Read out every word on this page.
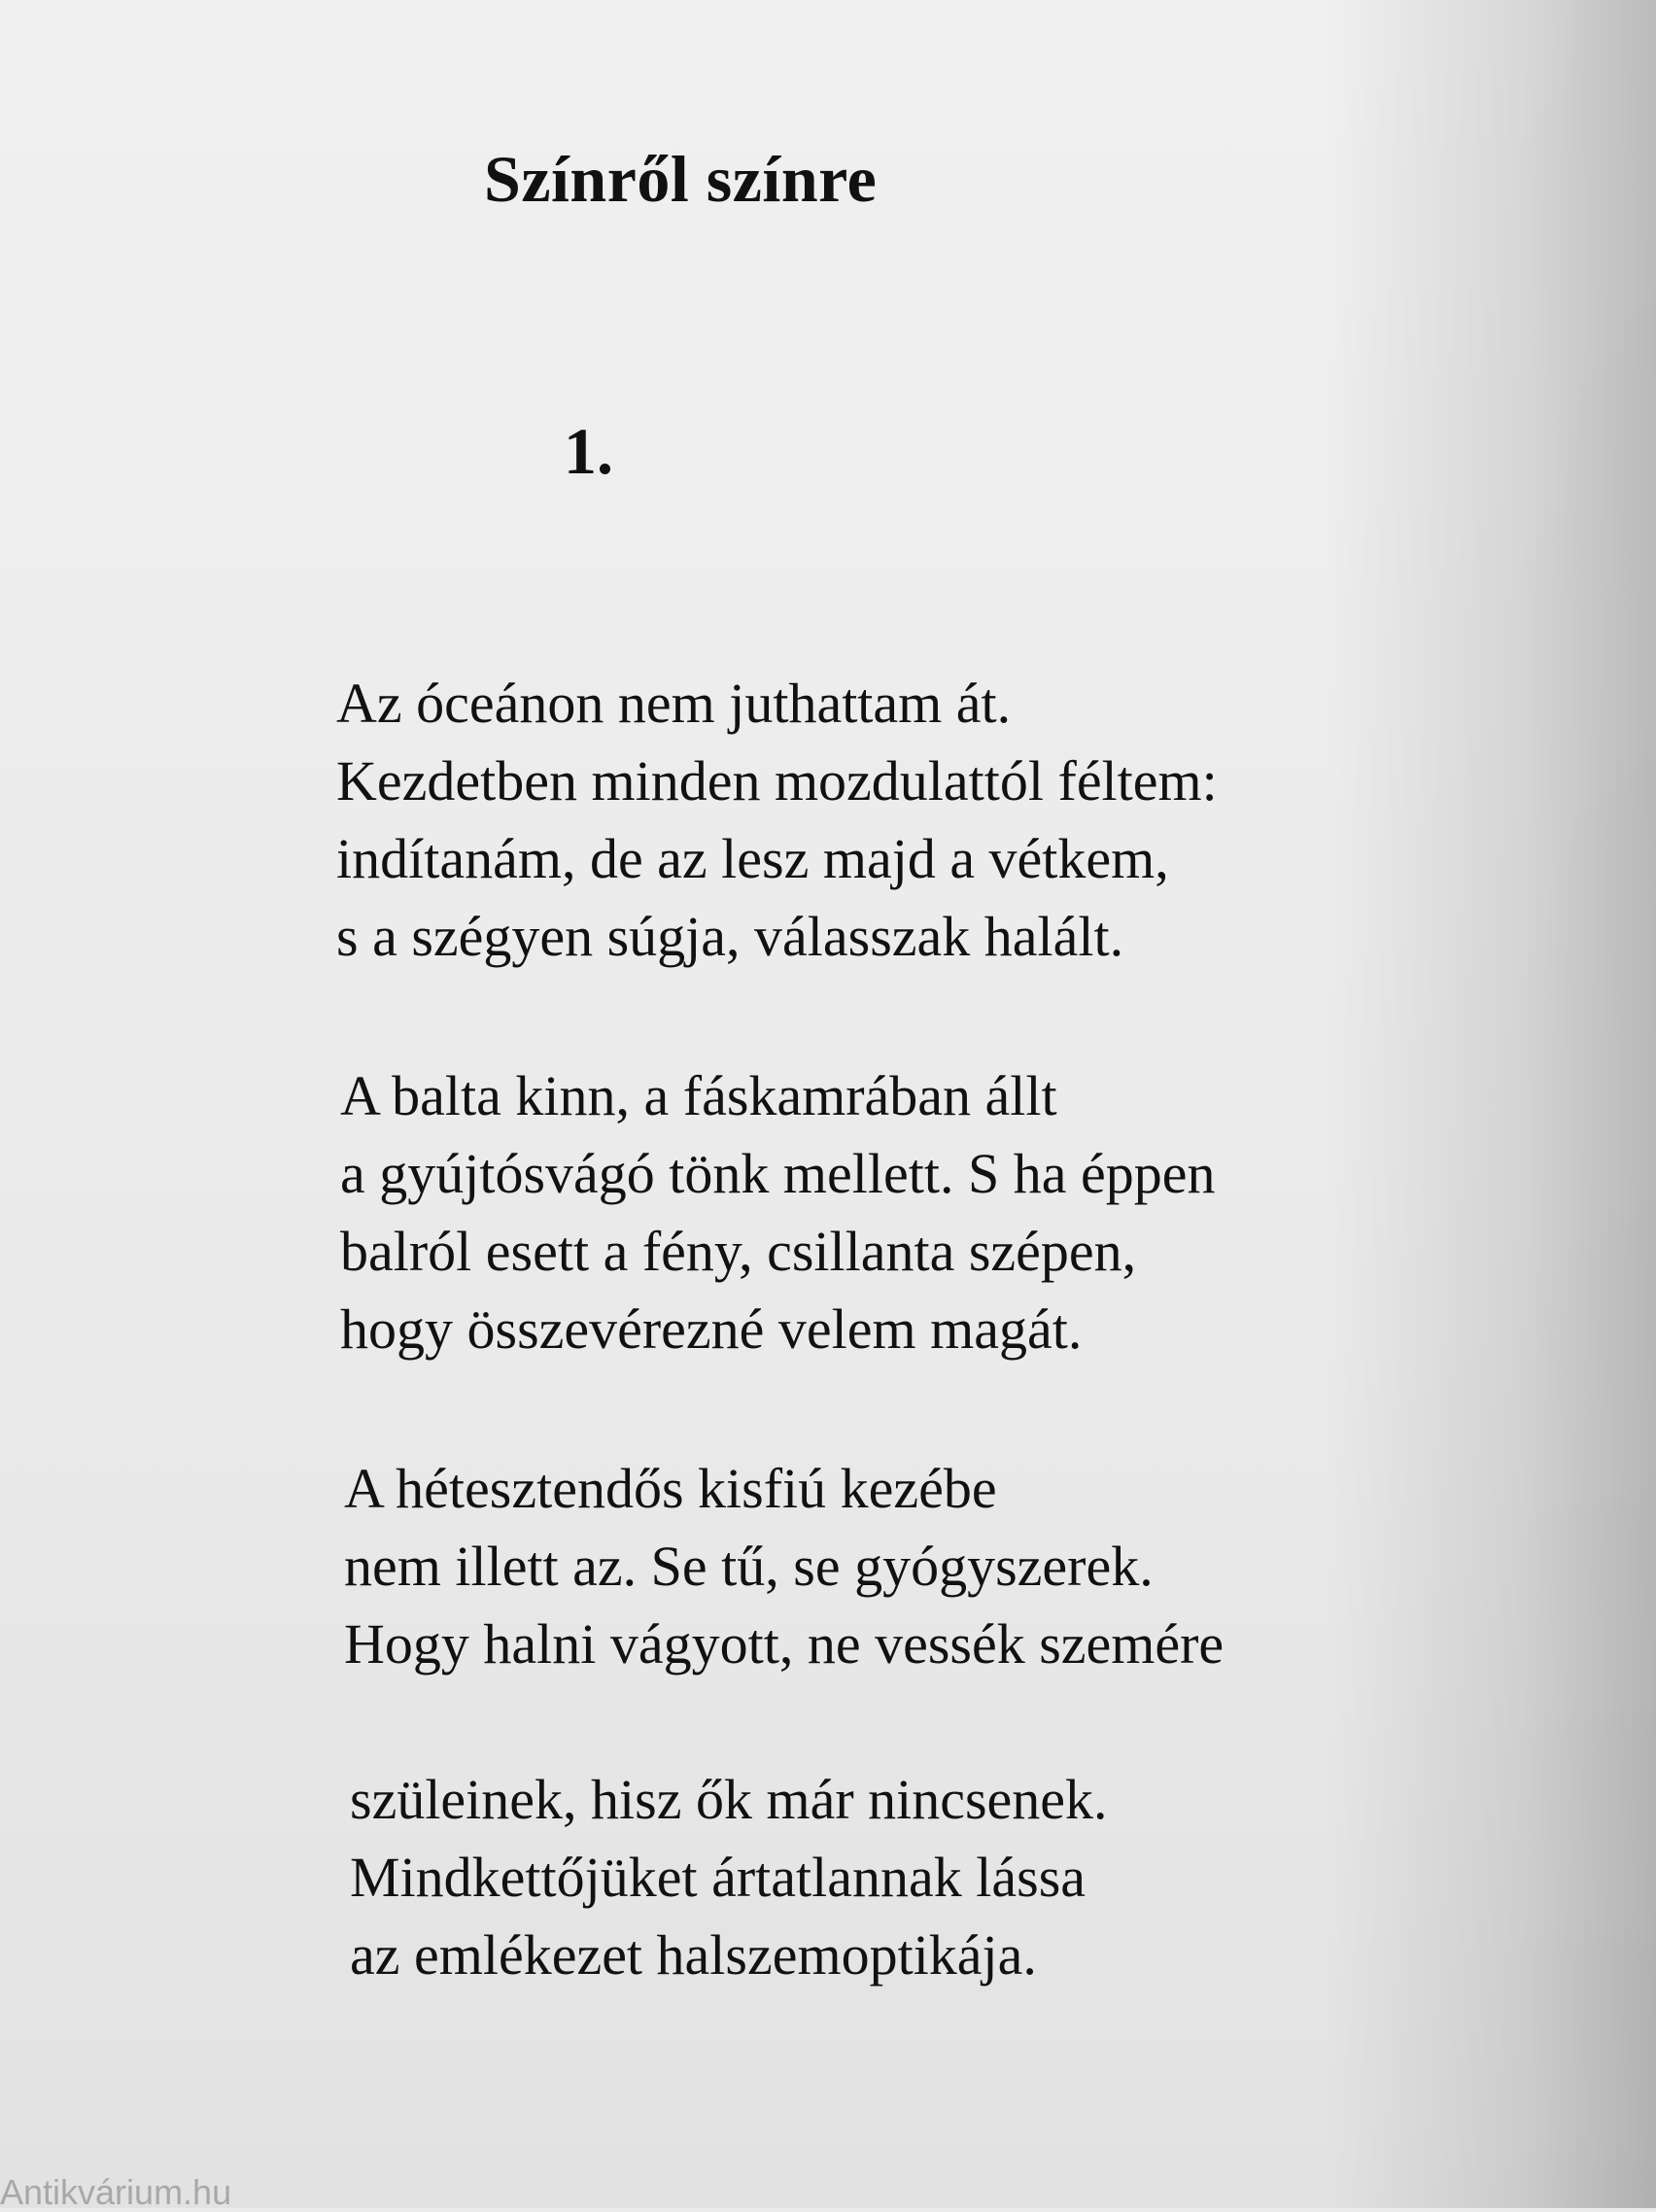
Színről színre
1.
Az óceánon nem juthattam át.
Kezdetben minden mozdulattól féltem:
indítanám, de az lesz majd a vétkem,
s a szégyen súgja, válasszak halált.
A balta kinn, a fáskamrában állt
a gyújtósvágó tönk mellett. S ha éppen
balról esett a fény, csillanta szépen,
hogy összevérezné velem magát.
A hétesztendős kisfiú kezébe
nem illett az. Se tű, se gyógyszerek.
Hogy halni vágyott, ne vessék szemére
szüleinek, hisz ők már nincsenek.
Mindkettőjüket ártatlannak lássa
az emlékezet halszemoptikája.
Antikvárium.hu
